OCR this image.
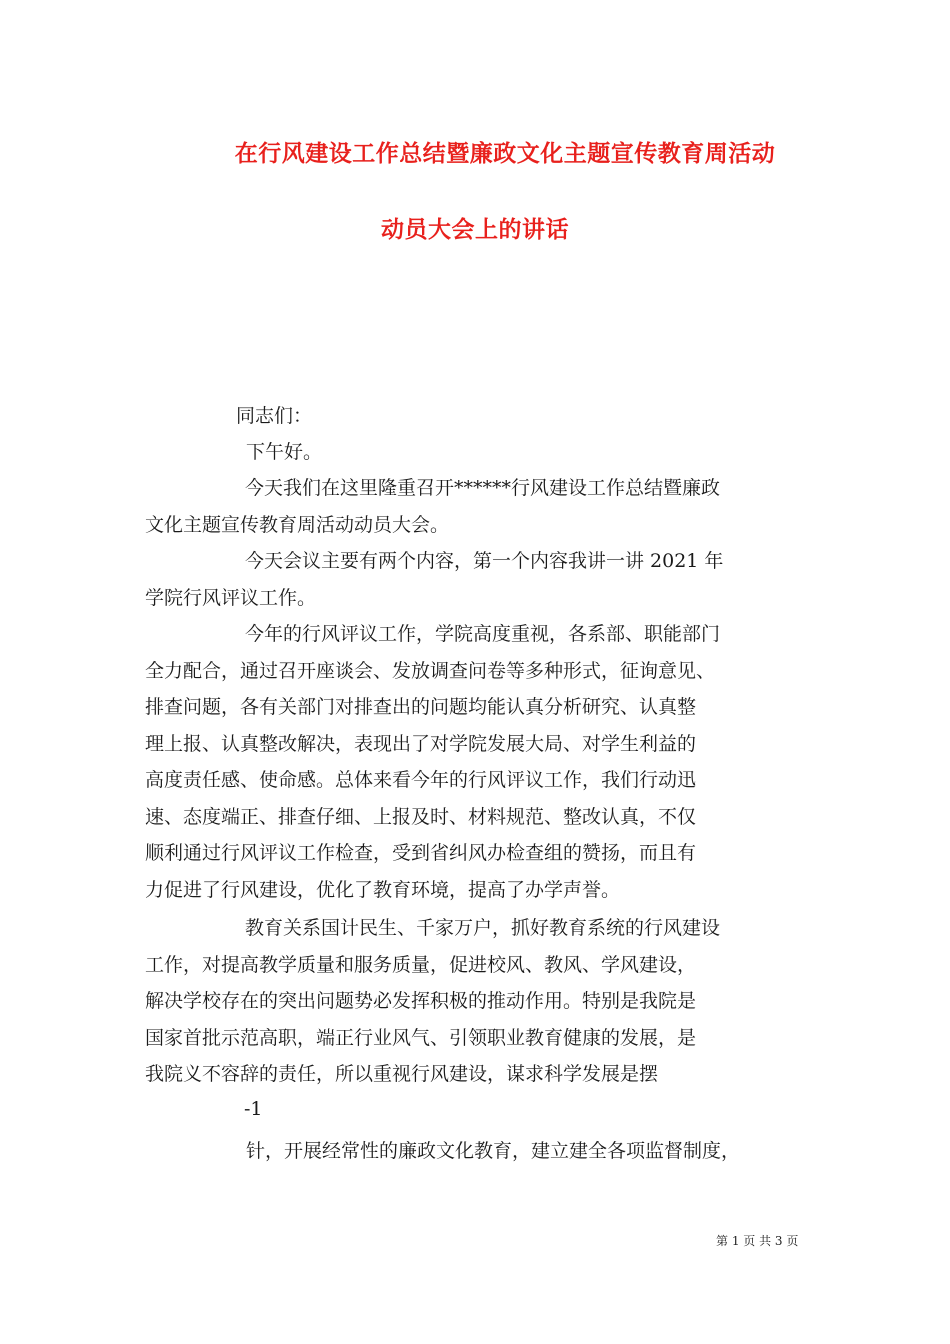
在行风建设工作总结暨廉政文化主题宣传教育周活动
动员大会上的讲话
同志们：
下午好。
今天我们在这里隆重召开******行风建设工作总结暨廉政
文化主题宣传教育周活动动员大会。
今天会议主要有两个内容，第一个内容我讲一讲 2021 年
学院行风评议工作。
今年的行风评议工作，学院高度重视，各系部、职能部门
全力配合，通过召开座谈会、发放调查问卷等多种形式，征询意见、
排查问题，各有关部门对排查出的问题均能认真分析研究、认真整
理上报、认真整改解决，表现出了对学院发展大局、对学生利益的
高度责任感、使命感。总体来看今年的行风评议工作，我们行动迅
速、态度端正、排查仔细、上报及时、材料规范、整改认真，不仅
顺利通过行风评议工作检查，受到省纠风办检查组的赞扬，而且有
力促进了行风建设，优化了教育环境，提高了办学声誉。
教育关系国计民生、千家万户，抓好教育系统的行风建设
工作，对提高教学质量和服务质量，促进校风、教风、学风建设，
解决学校存在的突出问题势必发挥积极的推动作用。特别是我院是
国家首批示范高职，端正行业风气、引领职业教育健康的发展，是
我院义不容辞的责任，所以重视行风建设，谋求科学发展是摆
-1
针，开展经常性的廉政文化教育，建立建全各项监督制度，
第 1 页 共 3 页
